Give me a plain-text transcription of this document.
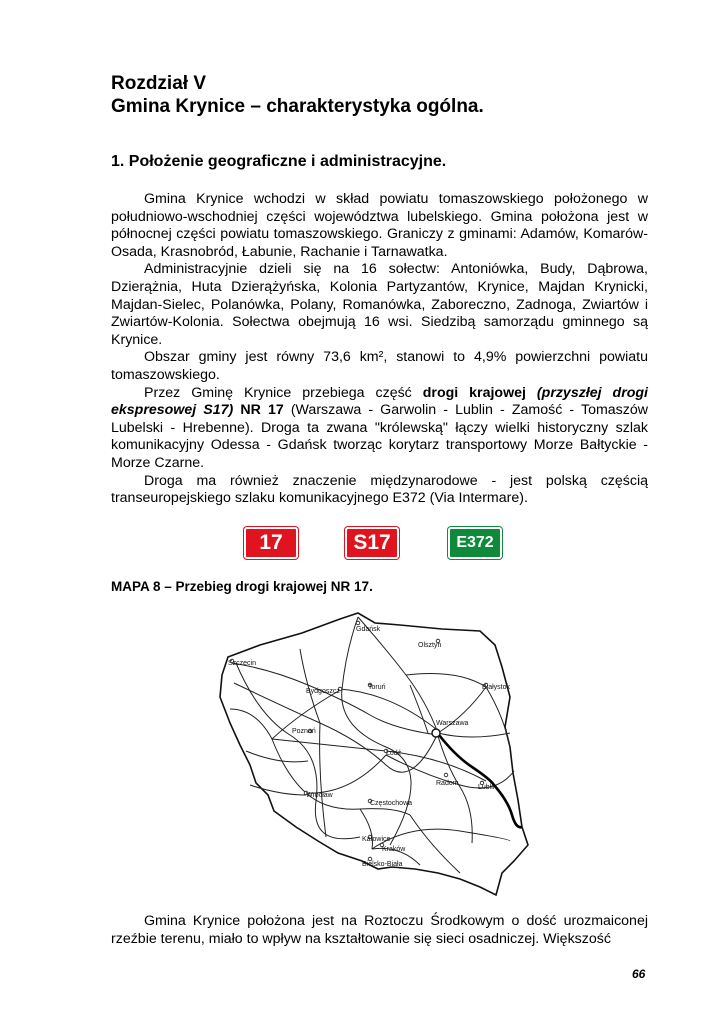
Rozdział V
Gmina Krynice – charakterystyka ogólna.
1. Położenie geograficzne i administracyjne.

Gmina Krynice wchodzi w skład powiatu tomaszowskiego położonego w południowo-wschodniej części województwa lubelskiego. Gmina położona jest w północnej części powiatu tomaszowskiego. Graniczy z gminami: Adamów, Komarów-Osada, Krasnobród, Łabunie, Rachanie i Tarnawatka.

Administracyjnie dzieli się na 16 sołectw: Antoniówka, Budy, Dąbrowa, Dzierążnia, Huta Dzierążyńska, Kolonia Partyzantów, Krynice, Majdan Krynicki, Majdan-Sielec, Polanówka, Polany, Romanówka, Zaboreczno, Zadnoga, Zwiartów i Zwiartów-Kolonia. Sołectwa obejmują 16 wsi. Siedzibą samorządu gminnego są Krynice.

Obszar gminy jest równy 73,6 km², stanowi to 4,9% powierzchni powiatu tomaszowskiego.

Przez Gminę Krynice przebiega część drogi krajowej (przyszłej drogi ekspresowej S17) NR 17 (Warszawa - Garwolin - Lublin - Zamość - Tomaszów Lubelski - Hrebenne). Droga ta zwana "królewską" łączy wielki historyczny szlak komunikacyjny Odessa - Gdańsk tworząc korytarz transportowy Morze Bałtyckie - Morze Czarne.

Droga ma również znaczenie międzynarodowe - jest polską częścią transeuropejskiego szlaku komunikacyjnego E372 (Via Intermare).

17	S17	E372
MAPA 8 – Przebieg drogi krajowej NR 17.
Gdańsk
Olsztyn
Szczecin
Bydgoszcz
Toruń	Białystok
Warszawa
Poznań
Łódź
Radom
Lublin
Wrocław
Częstochowa
Katowice
Kraków
Bielsko-Biała

Gmina Krynice położona jest na Roztoczu Środkowym o dość urozmaiconej rzeźbie terenu, miało to wpływ na kształtowanie się sieci osadniczej. Większość

66
